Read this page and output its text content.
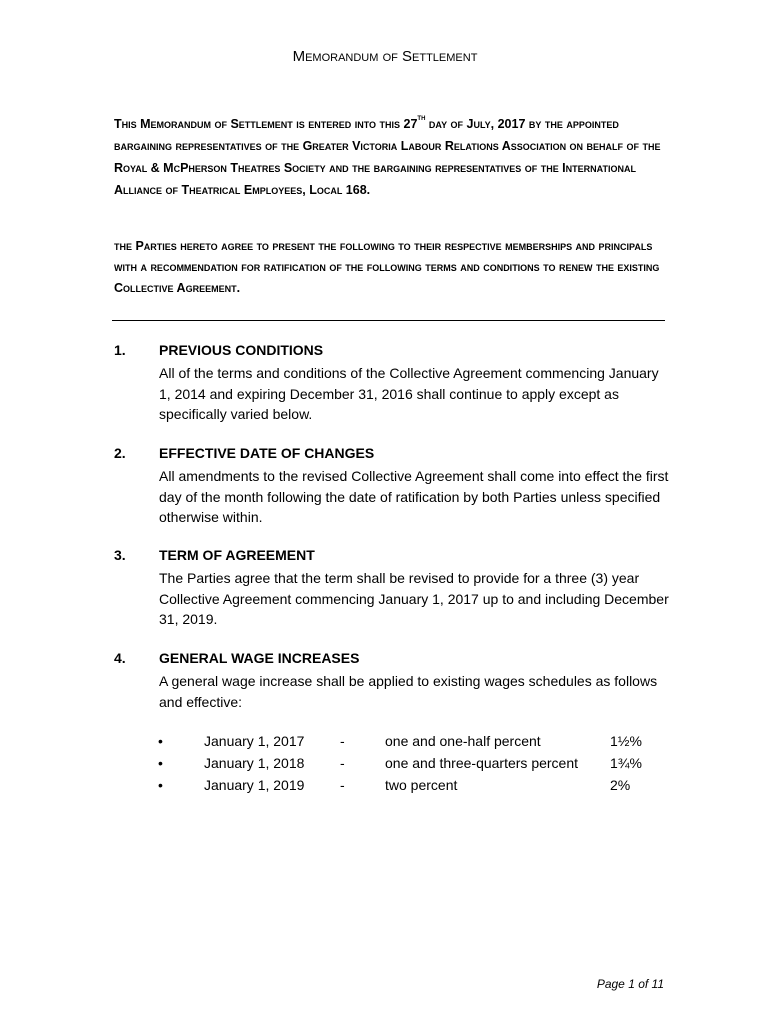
Memorandum of Settlement
This Memorandum of Settlement is entered into this 27th day of July, 2017 by the appointed bargaining representatives of the Greater Victoria Labour Relations Association on behalf of the Royal & McPherson Theatres Society and the bargaining representatives of the International Alliance of Theatrical Employees, Local 168.
the Parties hereto agree to present the following to their respective memberships and principals with a recommendation for ratification of the following terms and conditions to renew the existing Collective Agreement.
1. PREVIOUS CONDITIONS
All of the terms and conditions of the Collective Agreement commencing January 1, 2014 and expiring December 31, 2016 shall continue to apply except as specifically varied below.
2. EFFECTIVE DATE OF CHANGES
All amendments to the revised Collective Agreement shall come into effect the first day of the month following the date of ratification by both Parties unless specified otherwise within.
3. TERM OF AGREEMENT
The Parties agree that the term shall be revised to provide for a three (3) year Collective Agreement commencing January 1, 2017 up to and including December 31, 2019.
4. GENERAL WAGE INCREASES
A general wage increase shall be applied to existing wages schedules as follows and effective:
•	January 1, 2017	-	one and one-half percent	1½%
•	January 1, 2018	-	one and three-quarters percent 1¾%
•	January 1, 2019	-	two percent	2%
Page 1 of 11
